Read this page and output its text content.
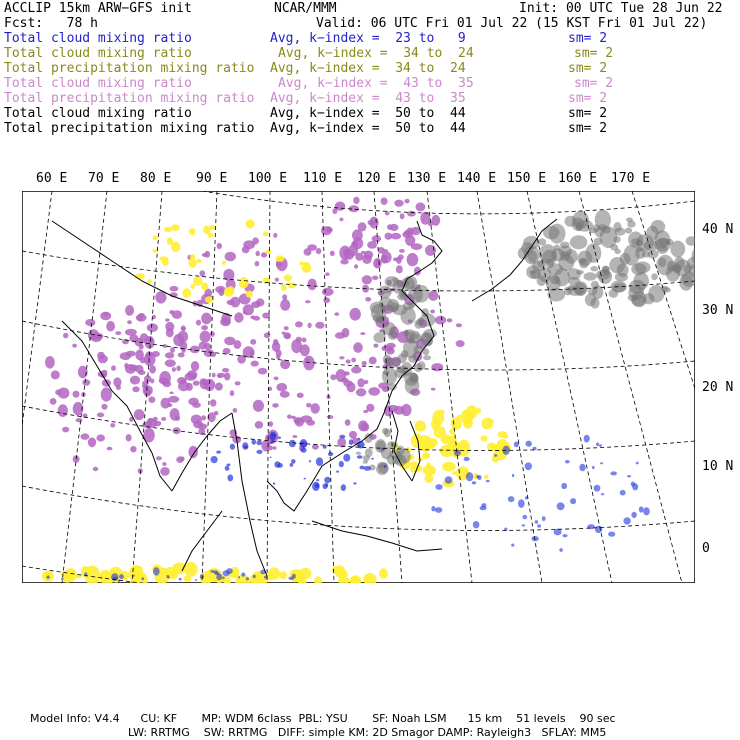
ACCLIP 15km ARW−GFS init	NCAR/MMM	Init: 00 UTC Tue 28 Jun 22
Fcst:   78 h	Valid: 06 UTC Fri 01 Jul 22 (15 KST Fri 01 Jul 22)
Total cloud mixing ratio	Avg, k−index =  23 to   9	sm= 2
Total cloud mixing ratio	Avg, k−index =  34 to  24	sm= 2
Total precipitation mixing ratio Avg, k−index =  34 to  24	sm= 2
Total cloud mixing ratio	Avg, k−index =  43 to  35	sm= 2
Total precipitation mixing ratio Avg, k−index =  43 to  35	sm= 2
Total cloud mixing ratio	Avg, k−index =  50 to  44	sm= 2
Total precipitation mixing ratio Avg, k−index =  50 to  44	sm= 2
60 E 70 E 80 E 90 E 100 E 110 E 120 E 130 E 140 E 150 E 160 E 170 E
40 N
30 N
20 N
10 N
0
Model Info: V4.4      CU: KF       MP: WDM 6class  PBL: YSU       SF: Noah LSM      15 km    51 levels    90 sec
LW: RRTMG    SW: RRTMG   DIFF: simple KM: 2D Smagor DAMP: Rayleigh3   SFLAY: MM5
